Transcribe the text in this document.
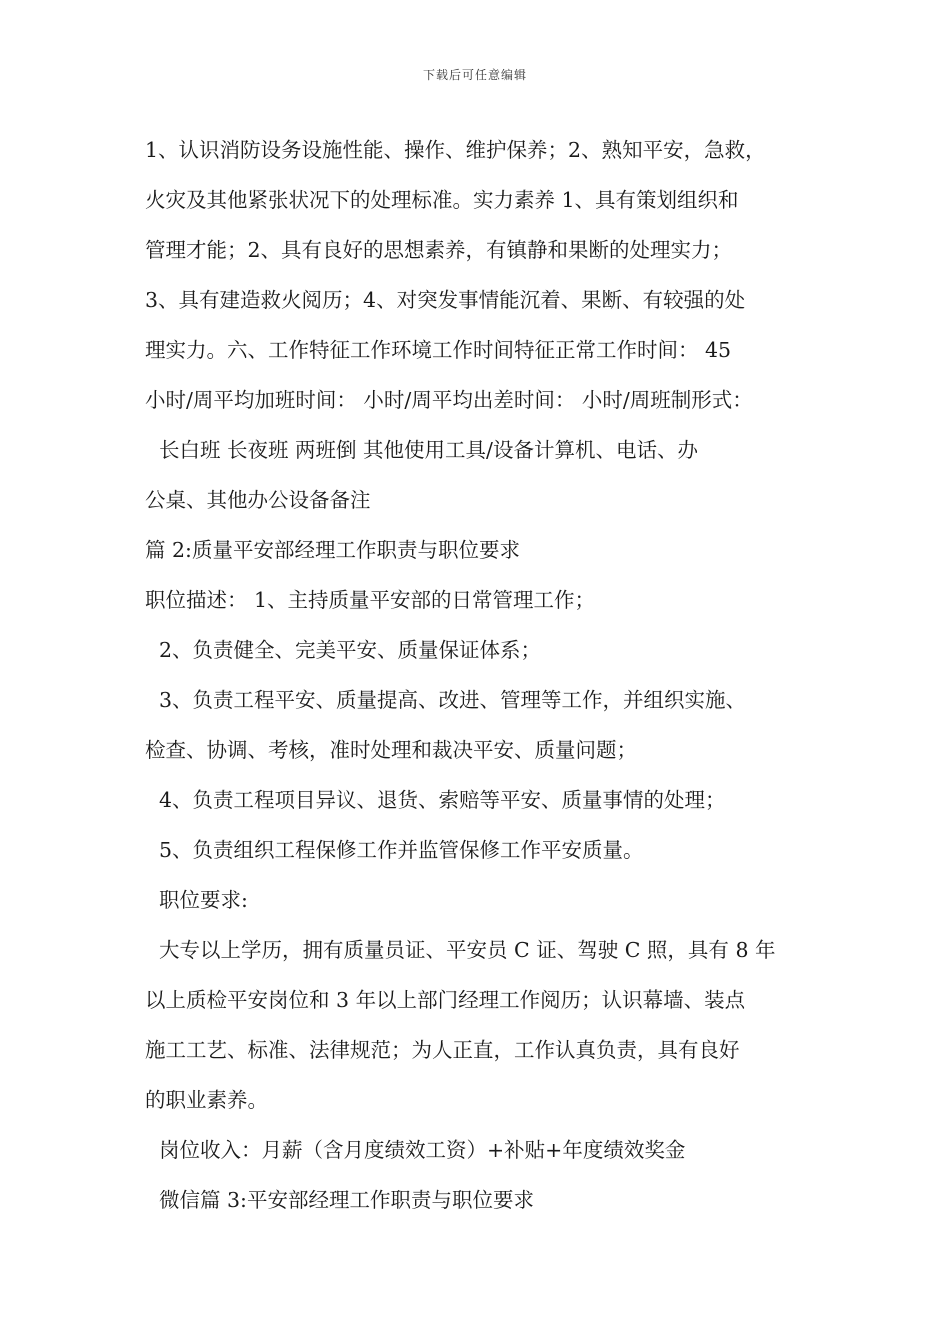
下载后可任意编辑
1、认识消防设务设施性能、操作、维护保养；2、熟知平安，急救，
火灾及其他紧张状况下的处理标准。实力素养 1、具有策划组织和
管理才能；2、具有良好的思想素养，有镇静和果断的处理实力；
3、具有建造救火阅历；4、对突发事情能沉着、果断、有较强的处
理实力。六、工作特征工作环境工作时间特征正常工作时间： 45
小时/周平均加班时间： 小时/周平均出差时间： 小时/周班制形式：
长白班 长夜班 两班倒 其他使用工具/设备计算机、电话、办
公桌、其他办公设备备注
篇 2:质量平安部经理工作职责与职位要求
职位描述： 1、主持质量平安部的日常管理工作；
2、负责健全、完美平安、质量保证体系；
3、负责工程平安、质量提高、改进、管理等工作，并组织实施、
检查、协调、考核，准时处理和裁决平安、质量问题；
4、负责工程项目异议、退货、索赔等平安、质量事情的处理；
5、负责组织工程保修工作并监管保修工作平安质量。
职位要求:
大专以上学历，拥有质量员证、平安员 C 证、驾驶 C 照，具有 8 年
以上质检平安岗位和 3 年以上部门经理工作阅历；认识幕墙、装点
施工工艺、标准、法律规范；为人正直，工作认真负责，具有良好
的职业素养。
岗位收入：月薪（含月度绩效工资）+补贴+年度绩效奖金
微信篇 3:平安部经理工作职责与职位要求
